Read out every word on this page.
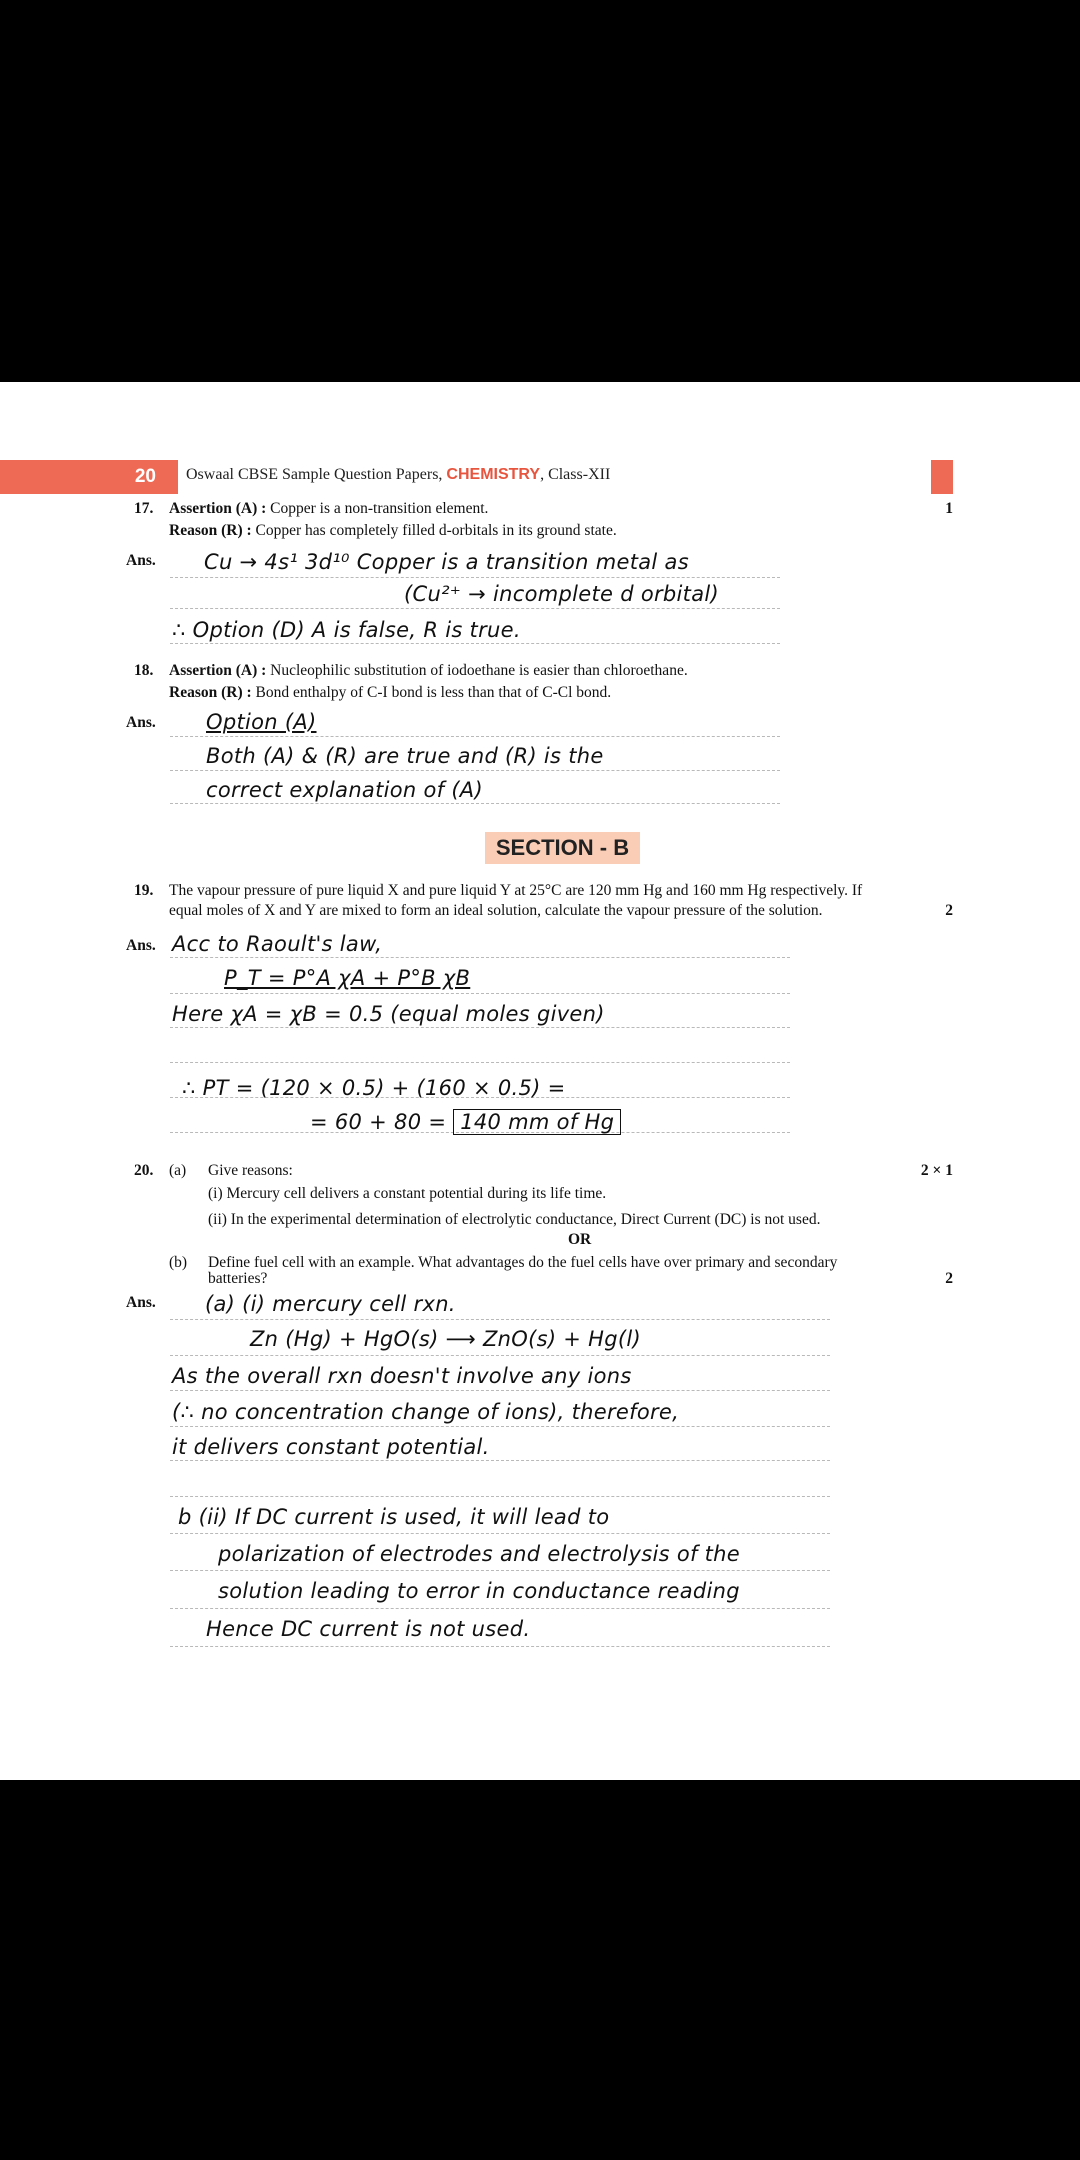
20 Oswaal CBSE Sample Question Papers, CHEMISTRY, Class-XII
17. Assertion (A) : Copper is a non-transition element.	1
Reason (R) : Copper has completely filled d-orbitals in its ground state.
Ans. Cu → 4s¹ 3d¹⁰ Copper is a transition metal as
(Cu²⁺ → incomplete d orbital)
∴ Option (D) A is false, R is true.
18. Assertion (A) : Nucleophilic substitution of iodoethane is easier than chloroethane.
Reason (R) : Bond enthalpy of C-I bond is less than that of C-Cl bond.
Ans. Option (A)
Both (A) & (R) are true and (R) is the
correct explanation of (A)
SECTION - B
19. The vapour pressure of pure liquid X and pure liquid Y at 25°C are 120 mm Hg and 160 mm Hg respectively. If
equal moles of X and Y are mixed to form an ideal solution, calculate the vapour pressure of the solution.	2
Ans. Acc to Raoult's law,
P_T = P°A χA + P°B χB
Here χA = χB = 0.5 (equal moles given)
∴ PT = (120 × 0.5) + (160 × 0.5) =
= 60 + 80 = 140 mm of Hg
20. (a) Give reasons:	2 × 1
(i) Mercury cell delivers a constant potential during its life time.
(ii) In the experimental determination of electrolytic conductance, Direct Current (DC) is not used.
OR
(b) Define fuel cell with an example. What advantages do the fuel cells have over primary and secondary
batteries?	2
Ans. (a) (i) mercury cell rxn.
Zn (Hg) + HgO(s) ⟶ ZnO(s) + Hg(l)
As the overall rxn doesn't involve any ions
(∴ no concentration change of ions), therefore,
it delivers constant potential.
b (ii) If DC current is used, it will lead to
polarization of electrodes and electrolysis of the
solution leading to error in conductance reading
Hence DC current is not used.
